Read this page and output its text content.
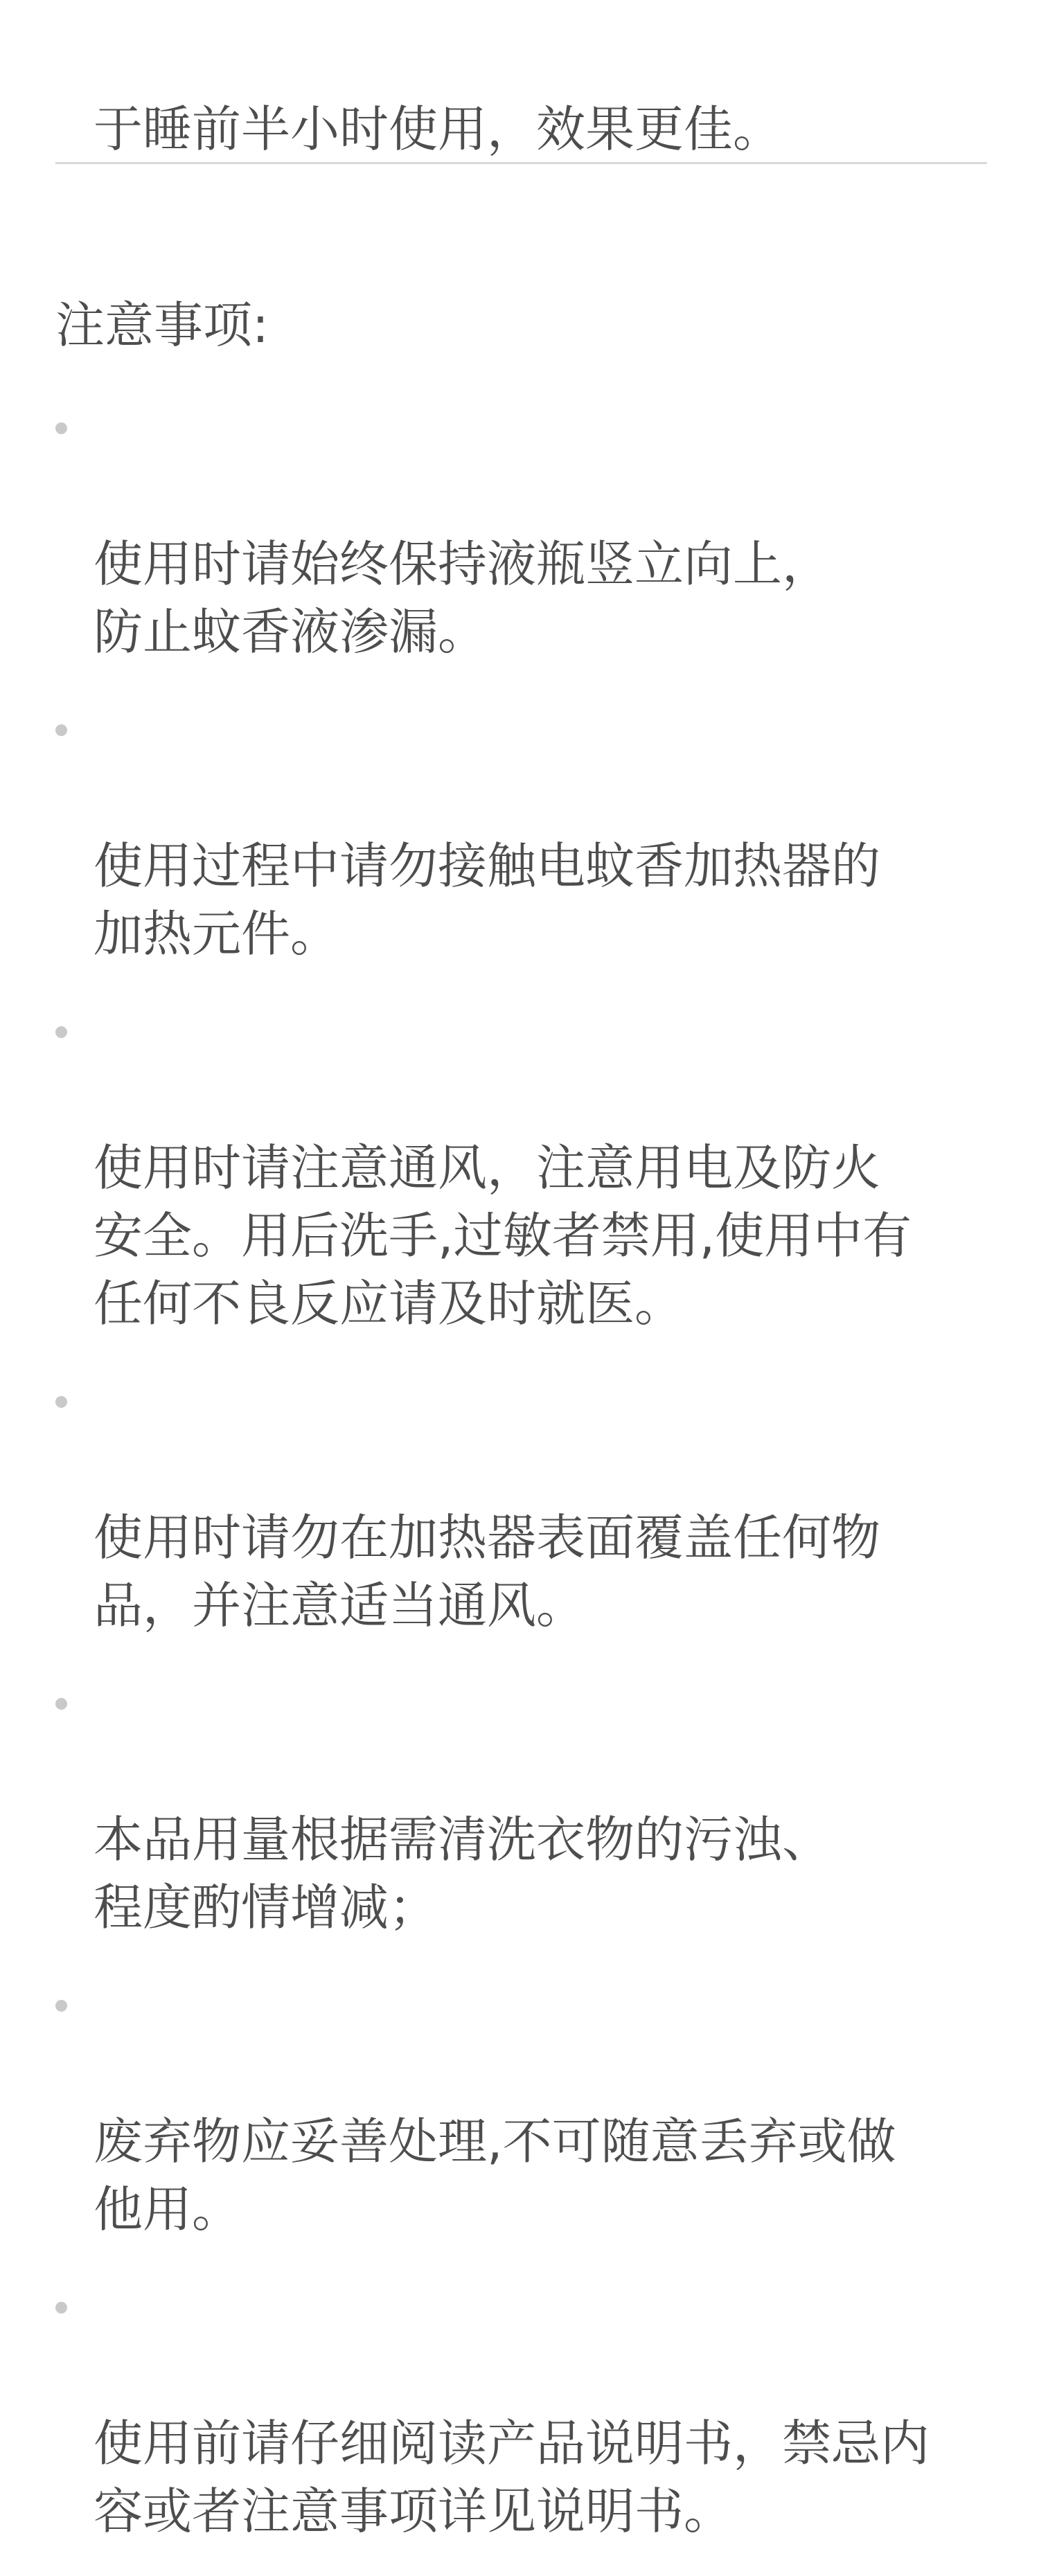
于睡前半小时使用，效果更佳。

注意事项:

使用时请始终保持液瓶竖立向上，
防止蚊香液渗漏。

使用过程中请勿接触电蚊香加热器的
加热元件。

使用时请注意通风，注意用电及防火
安全。用后洗手,过敏者禁用,使用中有
任何不良反应请及时就医。

使用时请勿在加热器表面覆盖任何物
品，并注意适当通风。

本品用量根据需清洗衣物的污浊、
程度酌情增减；

废弃物应妥善处理,不可随意丢弃或做
他用。

使用前请仔细阅读产品说明书，禁忌内
容或者注意事项详见说明书。
